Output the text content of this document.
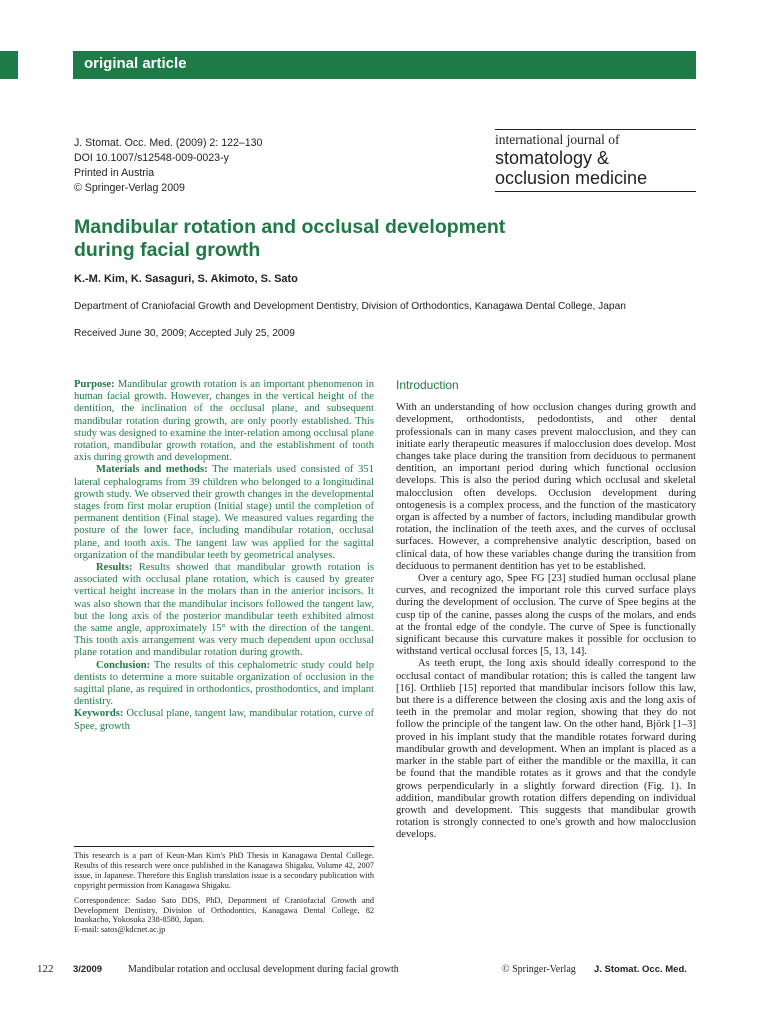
original article
J. Stomat. Occ. Med. (2009) 2: 122–130
DOI 10.1007/s12548-009-0023-y
Printed in Austria
© Springer-Verlag 2009
international journal of
stomatology &
occlusion medicine
Mandibular rotation and occlusal development
during facial growth
K.-M. Kim, K. Sasaguri, S. Akimoto, S. Sato
Department of Craniofacial Growth and Development Dentistry, Division of Orthodontics, Kanagawa Dental College, Japan
Received June 30, 2009; Accepted July 25, 2009

Purpose: Mandibular growth rotation is an important phenomenon in human facial growth. However, changes in the vertical height of the dentition, the inclination of the occlusal plane, and subsequent mandibular rotation during growth, are only poorly established. This study was designed to examine the inter-relation among occlusal plane rotation, mandibular growth rotation, and the establishment of tooth axis during growth and development.

Materials and methods: The materials used consisted of 351 lateral cephalograms from 39 children who belonged to a longitudinal growth study. We observed their growth changes in the developmental stages from first molar eruption (Initial stage) until the completion of permanent dentition (Final stage). We measured values regarding the posture of the lower face, including mandibular rotation, occlusal plane, and tooth axis. The tangent law was applied for the sagittal organization of the mandibular teeth by geometrical analyses.

Results: Results showed that mandibular growth rotation is associated with occlusal plane rotation, which is caused by greater vertical height increase in the molars than in the anterior incisors. It was also shown that the mandibular incisors followed the tangent law, but the long axis of the posterior mandibular teeth exhibited almost the same angle, approximately 15° with the direction of the tangent. This tooth axis arrangement was very much dependent upon occlusal plane rotation and mandibular rotation during growth.

Conclusion: The results of this cephalometric study could help dentists to determine a more suitable organization of occlusion in the sagittal plane, as required in orthodontics, prosthodontics, and implant dentistry.

Keywords: Occlusal plane, tangent law, mandibular rotation, curve of Spee, growth

This research is a part of Keun-Man Kim's PhD Thesis in Kanagawa Dental College. Results of this research were once published in the Kanagawa Shigaku, Volume 42, 2007 issue, in Japanese. Therefore this English translation issue is a secondary publication with copyright permission from Kanagawa Shigaku.

Correspondence: Sadao Sato DDS, PhD, Department of Craniofacial Growth and Development Dentistry, Division of Orthodontics, Kanagawa Dental College, 82 Inaokacho, Yokosuka 238-8580, Japan.

E-mail: satos@kdcnet.ac.jp

Introduction

With an understanding of how occlusion changes during growth and development, orthodontists, pedodontists, and other dental professionals can in many cases prevent malocclusion, and they can initiate early therapeutic measures if malocclusion does develop. Most changes take place during the transition from deciduous to permanent dentition, an important period during which functional occlusion develops. This is also the period during which occlusal and skeletal malocclusion often develops. Occlusion development during ontogenesis is a complex process, and the function of the masticatory organ is affected by a number of factors, including mandibular growth rotation, the inclination of the teeth axes, and the curves of occlusal surfaces. However, a comprehensive analytic description, based on clinical data, of how these variables change during the transition from deciduous to permanent dentition has yet to be established.

Over a century ago, Spee FG [23] studied human occlusal plane curves, and recognized the important role this curved surface plays during the development of occlusion. The curve of Spee begins at the cusp tip of the canine, passes along the cusps of the molars, and ends at the frontal edge of the condyle. The curve of Spee is functionally significant because this curvature makes it possible for occlusion to withstand vertical occlusal forces [5, 13, 14].

As teeth erupt, the long axis should ideally correspond to the occlusal contact of mandibular rotation; this is called the tangent law [16]. Orthlieb [15] reported that mandibular incisors follow this law, but there is a difference between the closing axis and the long axis of teeth in the premolar and molar region, showing that they do not follow the principle of the tangent law. On the other hand, Björk [1–3] proved in his implant study that the mandible rotates forward during mandibular growth and development. When an implant is placed as a marker in the stable part of either the mandible or the maxilla, it can be found that the mandible rotates as it grows and that the condyle grows perpendicularly in a slightly forward direction (Fig. 1). In addition, mandibular growth rotation differs depending on individual growth and development. This suggests that mandibular growth rotation is strongly connected to one's growth and how malocclusion develops.

122 3/2009	Mandibular rotation and occlusal development during facial growth	© Springer-Verlag J. Stomat. Occ. Med.
